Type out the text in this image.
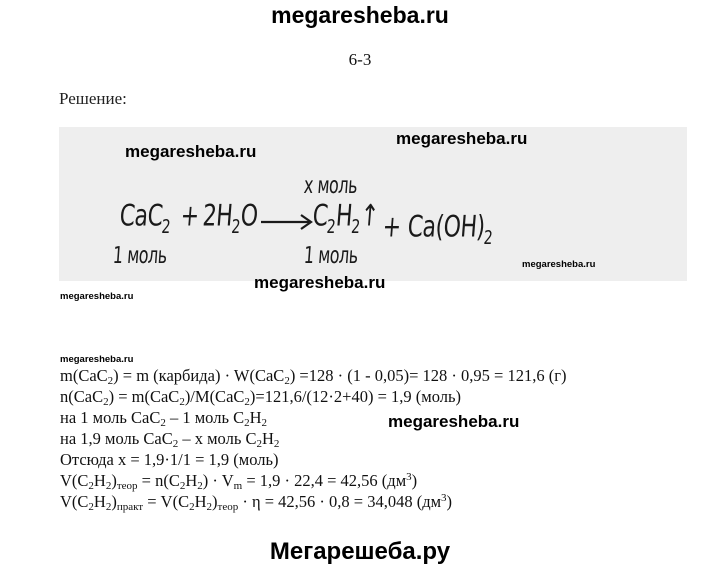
megaresheba.ru
6-3
Решение:
х моль
$CaC_2 + 2H_2O$ →
$C_2H_2↑ + Ca(OH)_2$
1 моль	1 моль
megaresheba.ru
megaresheba.ru
megaresheba.ru
megaresheba.ru
megaresheba.ru
megaresheba.ru
m(CaC$_2$) = m (карбида) · W(CaC$_2$) =128 · (1 - 0,05)= 128 · 0,95 = 121,6 (г)
n(CaC$_2$) = m(CaC$_2$)/M(CaC$_2$)=121,6/(12·2+40) = 1,9 (моль)
на 1 моль CaC$_2$ – 1 моль $C_2H_2$
на 1,9 моль CaC$_2$ – x моль $C_2H_2$
Отсюда x = 1,9·1/1 = 1,9 (моль)
$V(C_2H_2)_{теор} = n(C_2H_2) \cdot V_m = 1,9 \cdot 22,4 = 42,56$ $(дм^3)$
$V(C_2H_2)_{практ} = V(C_2H_2)_{теор} \cdot \eta = 42,56 \cdot 0,8 = 34,048$ $(дм^3)$
megaresheba.ru
Мегарешеба.ру
